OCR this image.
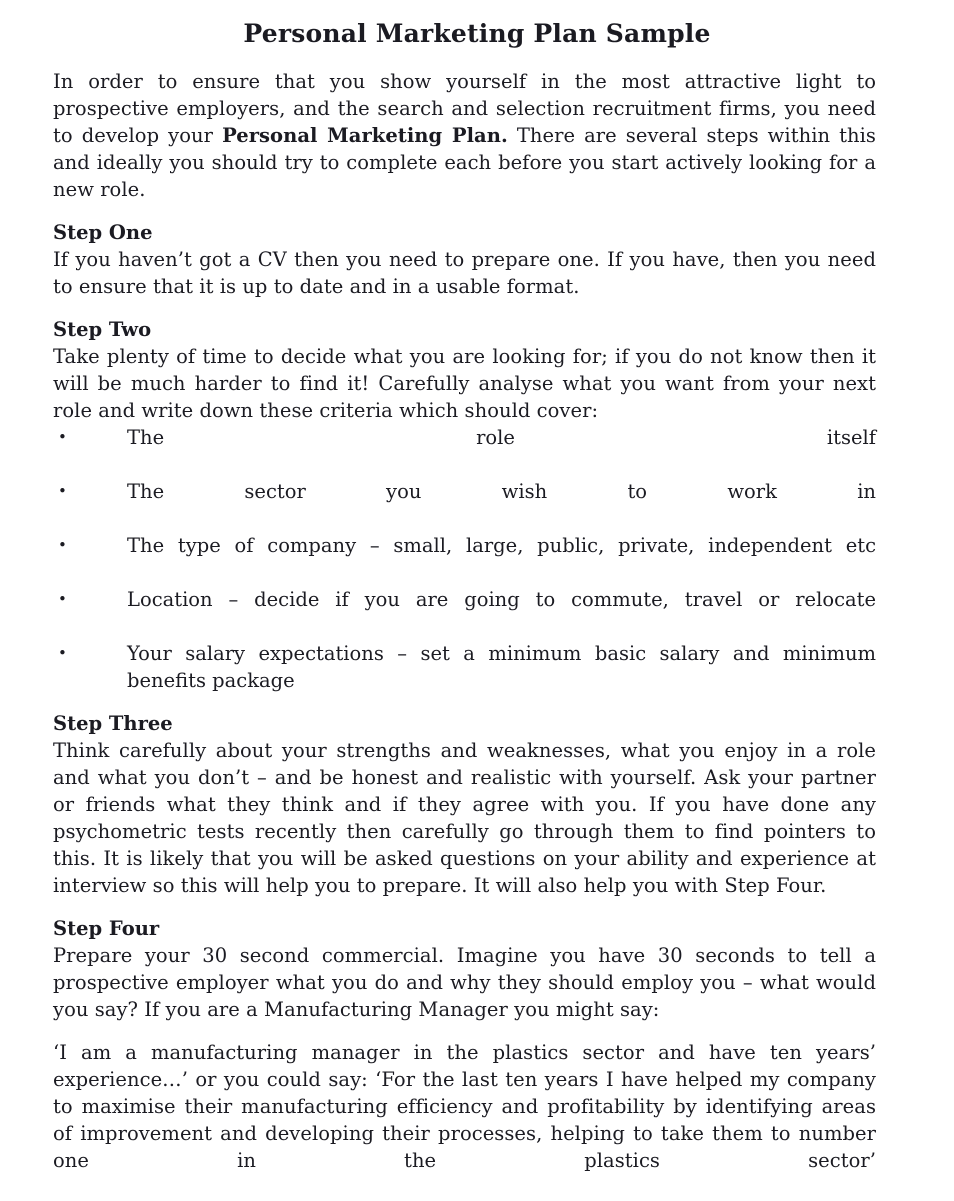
Personal Marketing Plan Sample

In order to ensure that you show yourself in the most attractive light to prospective employers, and the search and selection recruitment firms, you need to develop your Personal Marketing Plan. There are several steps within this and ideally you should try to complete each before you start actively looking for a new role.

Step One

If you haven’t got a CV then you need to prepare one. If you have, then you need to ensure that it is up to date and in a usable format.

Step Two

Take plenty of time to decide what you are looking for; if you do not know then it will be much harder to find it! Carefully analyse what you want from your next role and write down these criteria which should cover:

•	The role itself
•	The sector you wish to work in
•	The type of company – small, large, public, private, independent etc
•	Location – decide if you are going to commute, travel or relocate
•	Your salary expectations – set a minimum basic salary and minimum benefits package
Step Three

Think carefully about your strengths and weaknesses, what you enjoy in a role and what you don’t – and be honest and realistic with yourself. Ask your partner or friends what they think and if they agree with you. If you have done any psychometric tests recently then carefully go through them to find pointers to this. It is likely that you will be asked questions on your ability and experience at interview so this will help you to prepare. It will also help you with Step Four.

Step Four

Prepare your 30 second commercial. Imagine you have 30 seconds to tell a prospective employer what you do and why they should employ you – what would you say? If you are a Manufacturing Manager you might say:

‘I am a manufacturing manager in the plastics sector and have ten years’ experience…’ or you could say: ‘For the last ten years I have helped my company to maximise their manufacturing efficiency and profitability by identifying areas of improvement and developing their processes, helping to take them to number one in the plastics sector’
